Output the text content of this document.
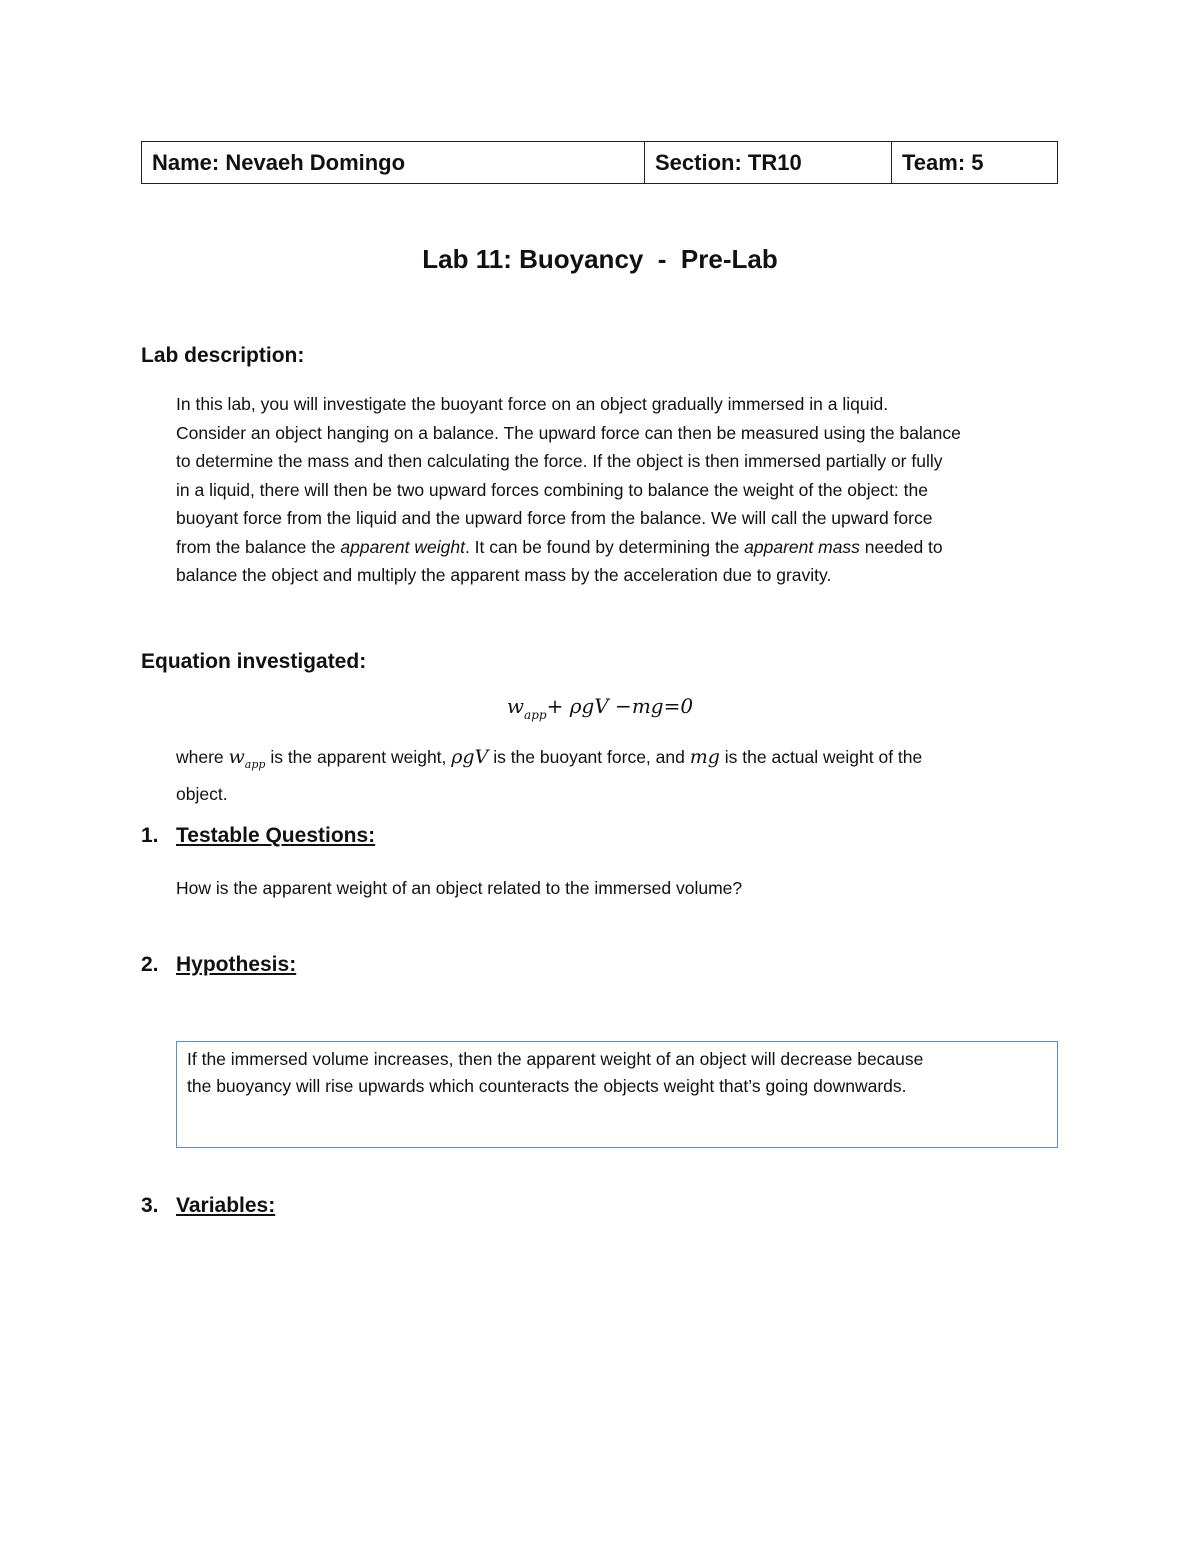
Name: Nevaeh Domingo	Section: TR10	Team: 5
Lab 11: Buoyancy  -  Pre-Lab
Lab description:
In this lab, you will investigate the buoyant force on an object gradually immersed in a liquid.
Consider an object hanging on a balance. The upward force can then be measured using the balance
to determine the mass and then calculating the force. If the object is then immersed partially or fully
in a liquid, there will then be two upward forces combining to balance the weight of the object: the
buoyant force from the liquid and the upward force from the balance. We will call the upward force
from the balance the apparent weight. It can be found by determining the apparent mass needed to
balance the object and multiply the apparent mass by the acceleration due to gravity.
Equation investigated:
$w_{app}+ \rho gV -mg=0$
where $w_{app}$ is the apparent weight, ρgV is the buoyant force, and mg is the actual weight of the
object.
1. Testable Questions:
How is the apparent weight of an object related to the immersed volume?
2. Hypothesis:
If the immersed volume increases, then the apparent weight of an object will decrease because
the buoyancy will rise upwards which counteracts the objects weight that’s going downwards.
3. Variables:
